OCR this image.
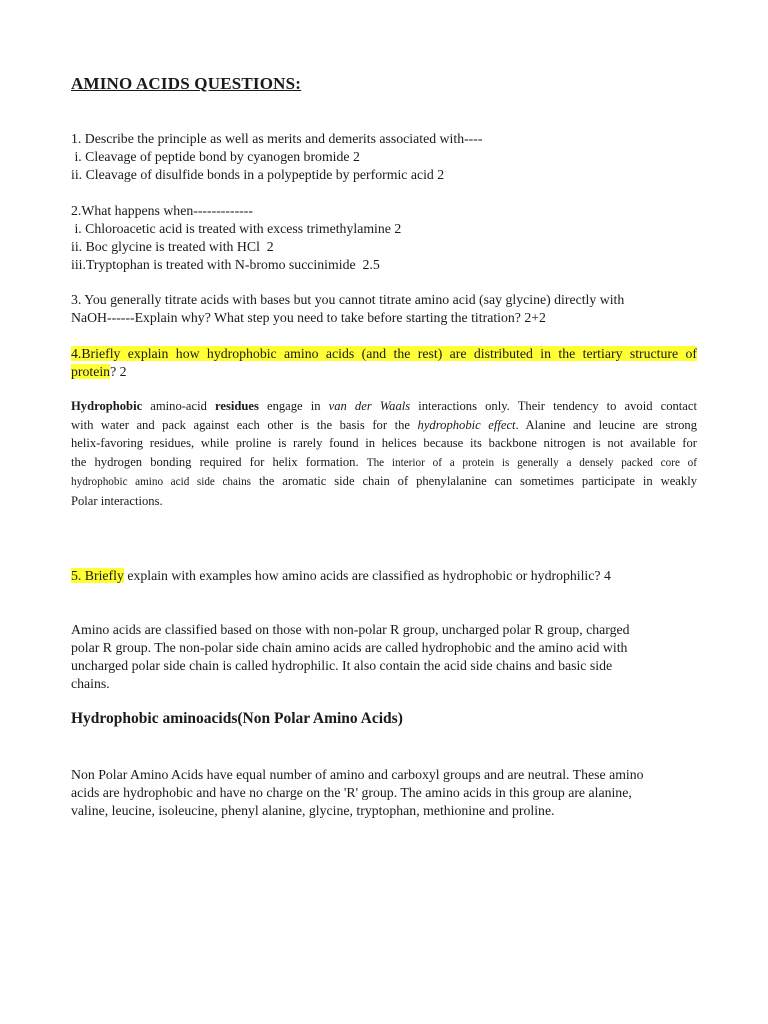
AMINO ACIDS QUESTIONS:
1. Describe the principle as well as merits and demerits associated with----
i. Cleavage of peptide bond by cyanogen bromide 2
ii. Cleavage of disulfide bonds in a polypeptide by performic acid 2
2.What happens when-------------
i. Chloroacetic acid is treated with excess trimethylamine 2
ii. Boc glycine is treated with HCl  2
iii.Tryptophan is treated with N-bromo succinimide  2.5
3. You generally titrate acids with bases but you cannot titrate amino acid (say glycine) directly with
NaOH------Explain why? What step you need to take before starting the titration? 2+2
4.Briefly explain how hydrophobic amino acids (and the rest) are distributed in the tertiary structure of
protein? 2
Hydrophobic amino-acid residues engage in van der Waals interactions only. Their tendency to avoid contact
with water and pack against each other is the basis for the hydrophobic effect. Alanine and leucine are strong
helix-favoring residues, while proline is rarely found in helices because its backbone nitrogen is not available for
the hydrogen bonding required for helix formation. The interior of a protein is generally a densely packed core of
hydrophobic amino acid side chains the aromatic side chain of phenylalanine can sometimes participate in weakly
Polar interactions.
5. Briefly explain with examples how amino acids are classified as hydrophobic or hydrophilic? 4
Amino acids are classified based on those with non-polar R group, uncharged polar R group, charged
polar R group. The non-polar side chain amino acids are called hydrophobic and the amino acid with
uncharged polar side chain is called hydrophilic. It also contain the acid side chains and basic side
chains.
Hydrophobic aminoacids(Non Polar Amino Acids)
Non Polar Amino Acids have equal number of amino and carboxyl groups and are neutral. These amino
acids are hydrophobic and have no charge on the 'R' group. The amino acids in this group are alanine,
valine, leucine, isoleucine, phenyl alanine, glycine, tryptophan, methionine and proline.
